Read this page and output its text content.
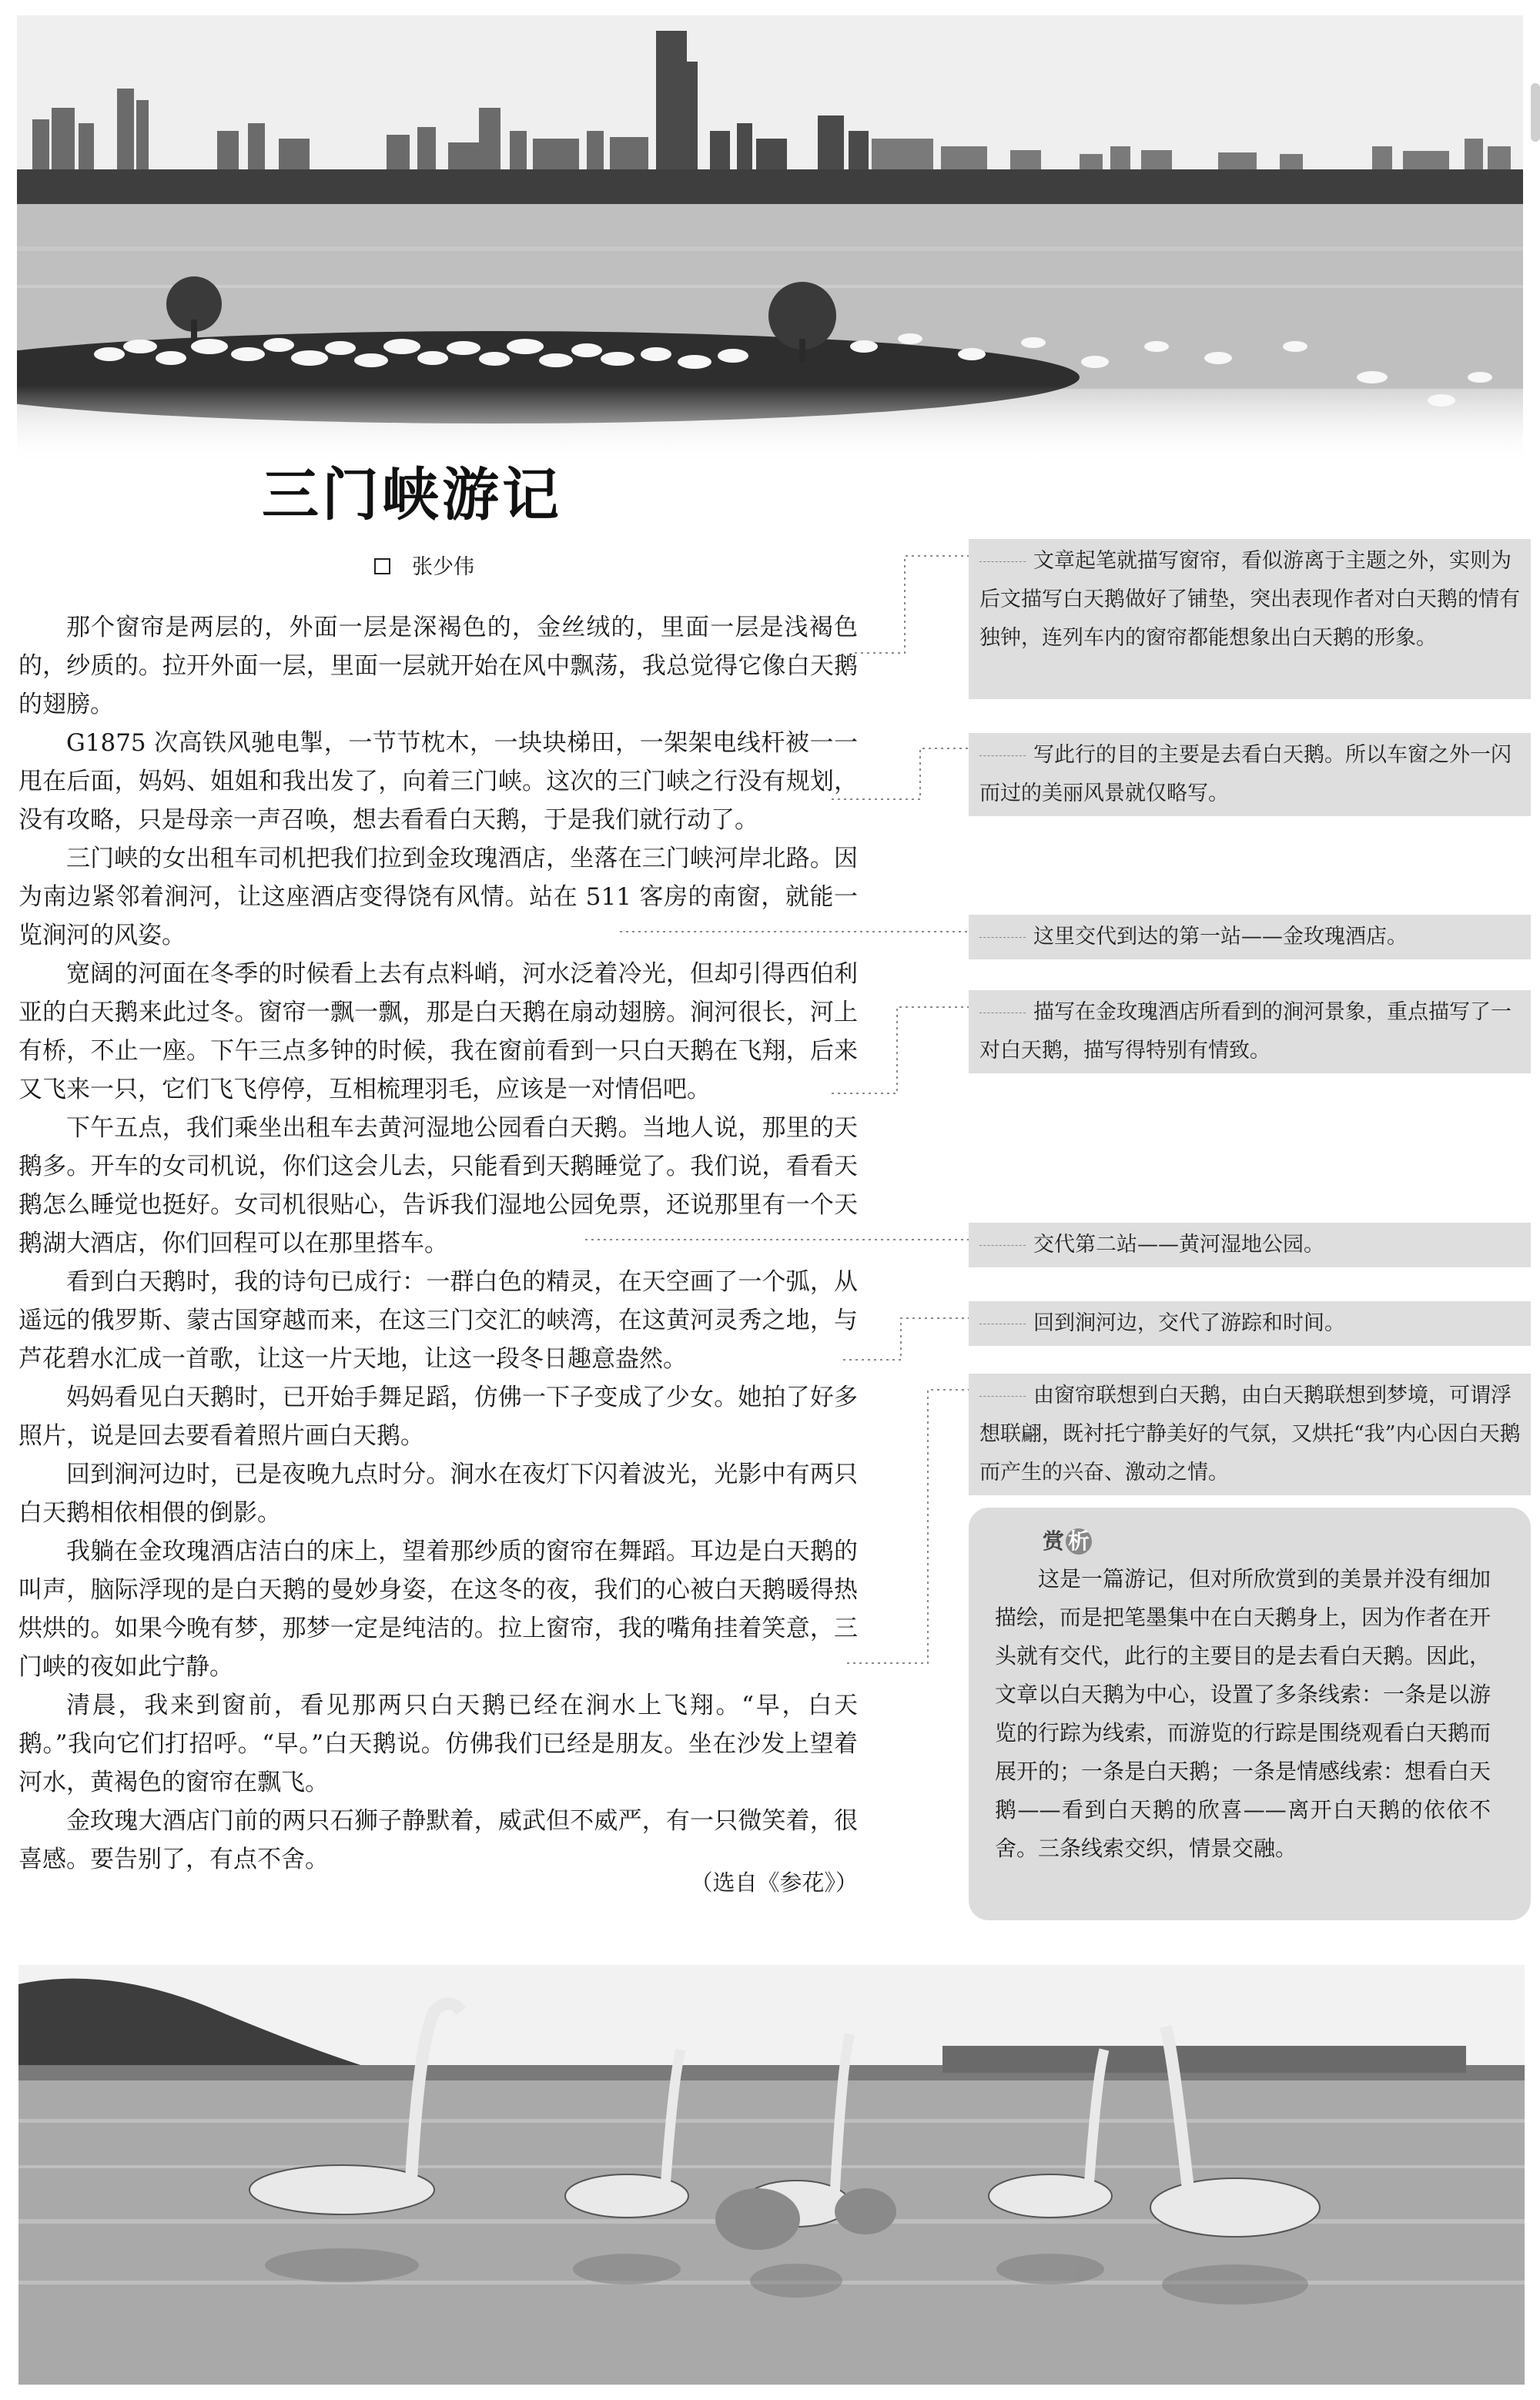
三门峡游记
张少伟

那个窗帘是两层的，外面一层是深褐色的，金丝绒的，里面一层是浅褐色的，纱质的。拉开外面一层，里面一层就开始在风中飘荡，我总觉得它像白天鹅的翅膀。

G1875 次高铁风驰电掣，一节节枕木，一块块梯田，一架架电线杆被一一甩在后面，妈妈、姐姐和我出发了，向着三门峡。这次的三门峡之行没有规划，没有攻略，只是母亲一声召唤，想去看看白天鹅，于是我们就行动了。

三门峡的女出租车司机把我们拉到金玫瑰酒店，坐落在三门峡河岸北路。因为南边紧邻着涧河，让这座酒店变得饶有风情。站在 511 客房的南窗，就能一览涧河的风姿。

宽阔的河面在冬季的时候看上去有点料峭，河水泛着冷光，但却引得西伯利亚的白天鹅来此过冬。窗帘一飘一飘，那是白天鹅在扇动翅膀。涧河很长，河上有桥，不止一座。下午三点多钟的时候，我在窗前看到一只白天鹅在飞翔，后来又飞来一只，它们飞飞停停，互相梳理羽毛，应该是一对情侣吧。

下午五点，我们乘坐出租车去黄河湿地公园看白天鹅。当地人说，那里的天鹅多。开车的女司机说，你们这会儿去，只能看到天鹅睡觉了。我们说，看看天鹅怎么睡觉也挺好。女司机很贴心，告诉我们湿地公园免票，还说那里有一个天鹅湖大酒店，你们回程可以在那里搭车。

看到白天鹅时，我的诗句已成行：一群白色的精灵，在天空画了一个弧，从遥远的俄罗斯、蒙古国穿越而来，在这三门交汇的峡湾，在这黄河灵秀之地，与芦花碧水汇成一首歌，让这一片天地，让这一段冬日趣意盎然。

妈妈看见白天鹅时，已开始手舞足蹈，仿佛一下子变成了少女。她拍了好多照片，说是回去要看着照片画白天鹅。

回到涧河边时，已是夜晚九点时分。涧水在夜灯下闪着波光，光影中有两只白天鹅相依相偎的倒影。

我躺在金玫瑰酒店洁白的床上，望着那纱质的窗帘在舞蹈。耳边是白天鹅的叫声，脑际浮现的是白天鹅的曼妙身姿，在这冬的夜，我们的心被白天鹅暖得热烘烘的。如果今晚有梦，那梦一定是纯洁的。拉上窗帘，我的嘴角挂着笑意，三门峡的夜如此宁静。

清晨，我来到窗前，看见那两只白天鹅已经在涧水上飞翔。“早，白天鹅。”我向它们打招呼。“早。”白天鹅说。仿佛我们已经是朋友。坐在沙发上望着河水，黄褐色的窗帘在飘飞。

金玫瑰大酒店门前的两只石狮子静默着，威武但不威严，有一只微笑着，很喜感。要告别了，有点不舍。

（选自《参花》）

文章起笔就描写窗帘，看似游离于主题之外，实则为后文描写白天鹅做好了铺垫，突出表现作者对白天鹅的情有独钟，连列车内的窗帘都能想象出白天鹅的形象。
写此行的目的主要是去看白天鹅。所以车窗之外一闪而过的美丽风景就仅略写。
这里交代到达的第一站——金玫瑰酒店。
描写在金玫瑰酒店所看到的涧河景象，重点描写了一对白天鹅，描写得特别有情致。
交代第二站——黄河湿地公园。
回到涧河边，交代了游踪和时间。
由窗帘联想到白天鹅，由白天鹅联想到梦境，可谓浮想联翩，既衬托宁静美好的气氛，又烘托“我”内心因白天鹅而产生的兴奋、激动之情。
赏 析

这是一篇游记，但对所欣赏到的美景并没有细加描绘，而是把笔墨集中在白天鹅身上，因为作者在开头就有交代，此行的主要目的是去看白天鹅。因此，文章以白天鹅为中心，设置了多条线索：一条是以游览的行踪为线索，而游览的行踪是围绕观看白天鹅而展开的；一条是白天鹅；一条是情感线索：想看白天鹅——看到白天鹅的欣喜——离开白天鹅的依依不舍。三条线索交织，情景交融。
